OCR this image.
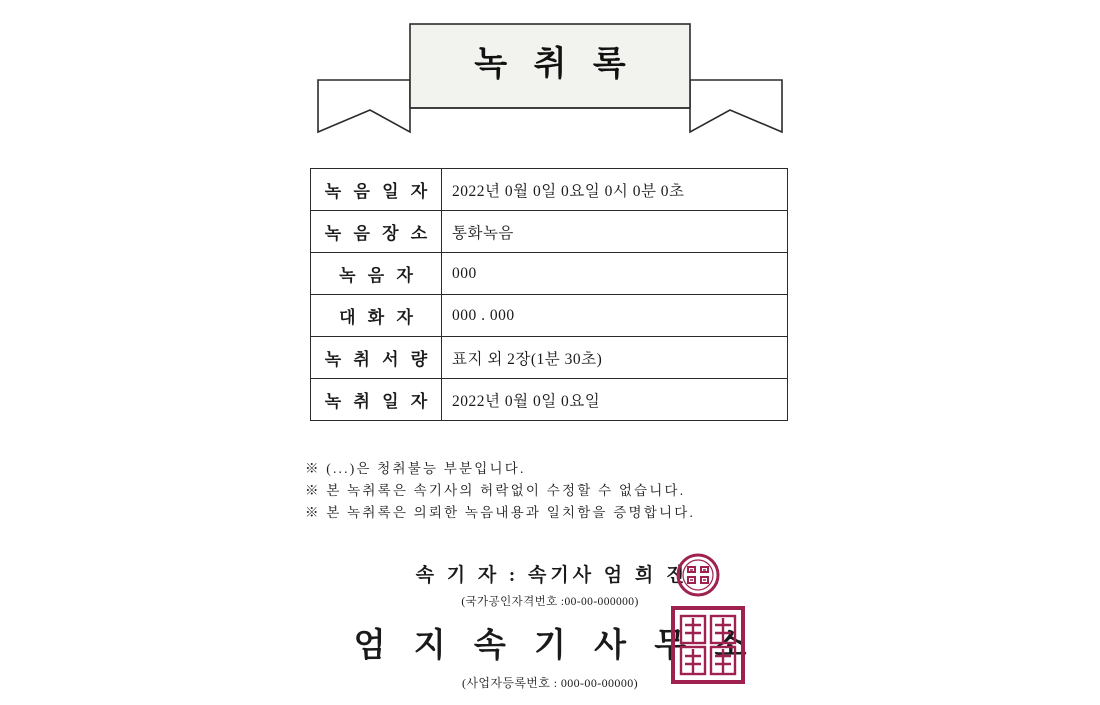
녹 취 록
녹 음 일 자	2022년 0월 0일 0요일 0시 0분 0초
녹 음 장 소	통화녹음
녹 음 자	000
대 화 자	000 . 000
녹 취 서 량	표지 외 2장(1분 30초)
녹 취 일 자	2022년 0월 0일 0요일
※ (...)은 청취불능 부분입니다.
※ 본 녹취록은 속기사의 허락없이 수정할 수 없습니다.
※ 본 녹취록은 의뢰한 녹음내용과 일치함을 증명합니다.
속 기 자 : 속기사 엄 희 진
(국가공인자격번호 :00-00-000000)
엄 지 속 기 사 무 소
(사업자등록번호 : 000-00-00000)
